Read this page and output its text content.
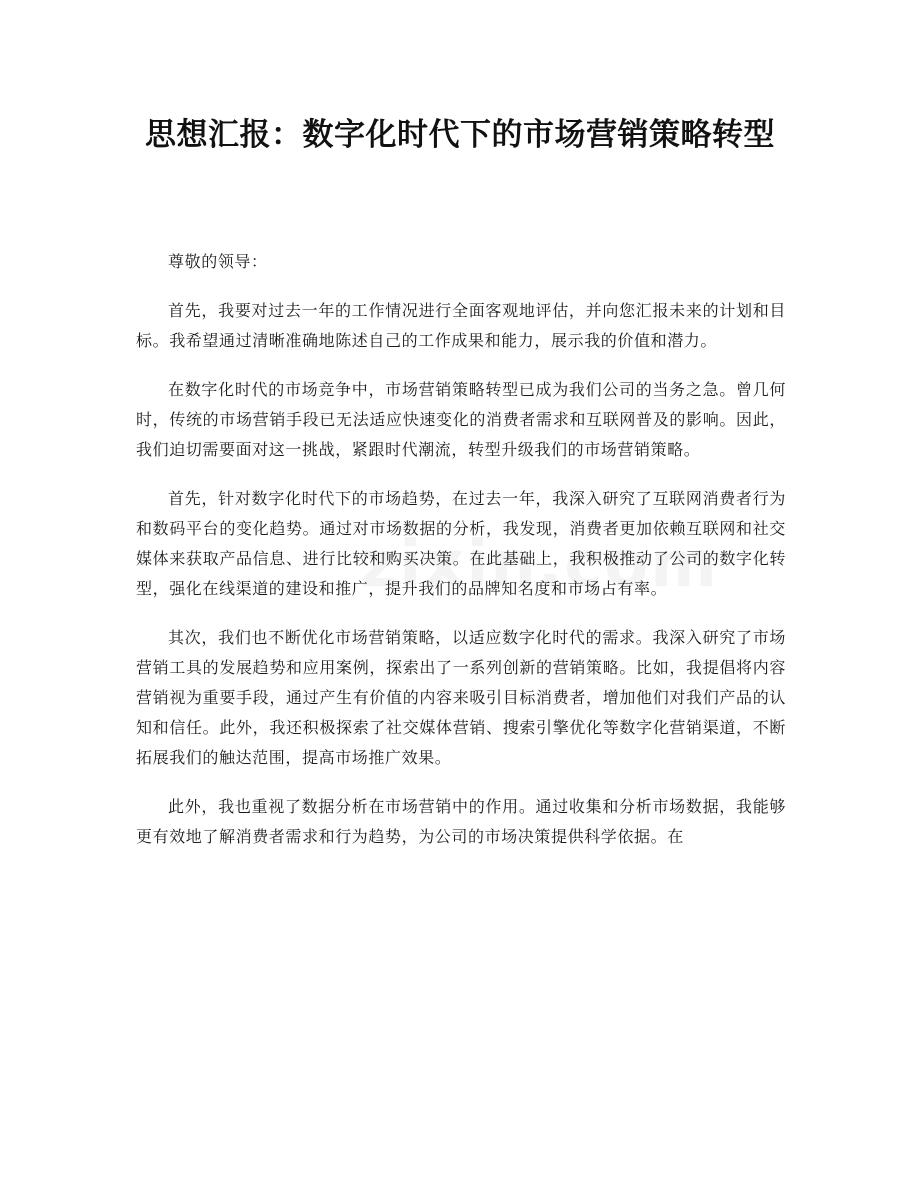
思想汇报：数字化时代下的市场营销策略转型

尊敬的领导：

首先，我要对过去一年的工作情况进行全面客观地评估，并向您汇报未来的计划和目标。我希望通过清晰准确地陈述自己的工作成果和能力，展示我的价值和潜力。

在数字化时代的市场竞争中，市场营销策略转型已成为我们公司的当务之急。曾几何时，传统的市场营销手段已无法适应快速变化的消费者需求和互联网普及的影响。因此，我们迫切需要面对这一挑战，紧跟时代潮流，转型升级我们的市场营销策略。

首先，针对数字化时代下的市场趋势，在过去一年，我深入研究了互联网消费者行为和数码平台的变化趋势。通过对市场数据的分析，我发现，消费者更加依赖互联网和社交媒体来获取产品信息、进行比较和购买决策。在此基础上，我积极推动了公司的数字化转型，强化在线渠道的建设和推广，提升我们的品牌知名度和市场占有率。

其次，我们也不断优化市场营销策略，以适应数字化时代的需求。我深入研究了市场营销工具的发展趋势和应用案例，探索出了一系列创新的营销策略。比如，我提倡将内容营销视为重要手段，通过产生有价值的内容来吸引目标消费者，增加他们对我们产品的认知和信任。此外，我还积极探索了社交媒体营销、搜索引擎优化等数字化营销渠道，不断拓展我们的触达范围，提高市场推广效果。

此外，我也重视了数据分析在市场营销中的作用。通过收集和分析市场数据，我能够更有效地了解消费者需求和行为趋势，为公司的市场决策提供科学依据。在
